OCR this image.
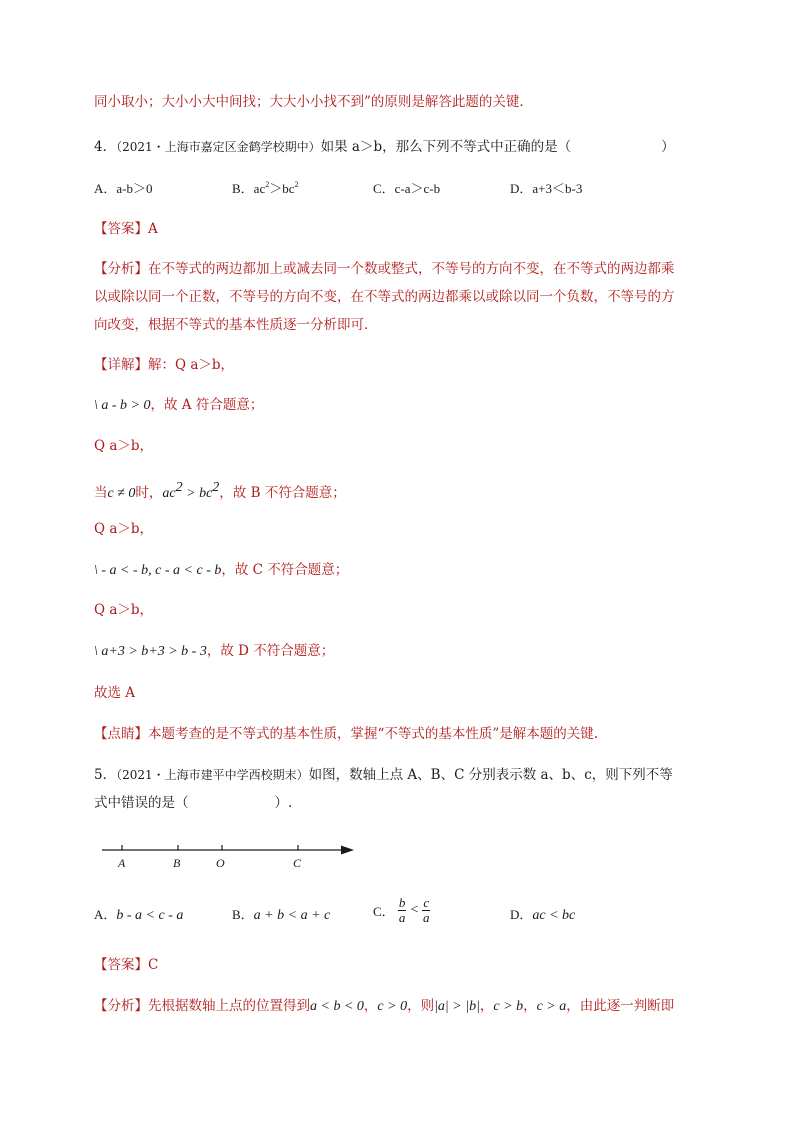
同小取小；大小小大中间找；大大小小找不到”的原则是解答此题的关键．
4．（2021・上海市嘉定区金鹤学校期中）如果 a＞b，那么下列不等式中正确的是（	）
A．a-b＞0	B．$ac^2>bc^2$	C．c-a＞c-b	D．a+3＜b-3
【答案】A
【分析】在不等式的两边都加上或减去同一个数或整式，不等号的方向不变，在不等式的两边都乘
以或除以同一个正数，不等号的方向不变，在不等式的两边都乘以或除以同一个负数，不等号的方
向改变，根据不等式的基本性质逐一分析即可．
【详解】解：Q a＞b，
\ a - b > 0，故 A 符合题意；
Q a＞b，
当c ≠ 0时，$ac^2 > bc^2$，故 B 不符合题意；
Q a＞b，
\ - a < - b, c - a < c - b，故 C 不符合题意；
Q a＞b，
\ a+3 > b+3 > b - 3，故 D 不符合题意；
故选 A
【点睛】本题考查的是不等式的基本性质，掌握“不等式的基本性质”是解本题的关键.
5．（2021・上海市建平中学西校期末）如图，数轴上点 A、B、C 分别表示数 a、b、c，则下列不等
式中错误的是（	）.
A	B	O	C
A．b - a < c - a	B．a + b < a + c	C． $\frac{b}{a} < \frac{c}{a}$	D．ac < bc
【答案】C
【分析】先根据数轴上点的位置得到a < b < 0，c > 0，则|a| > |b|，c > b，c > a，由此逐一判断即
